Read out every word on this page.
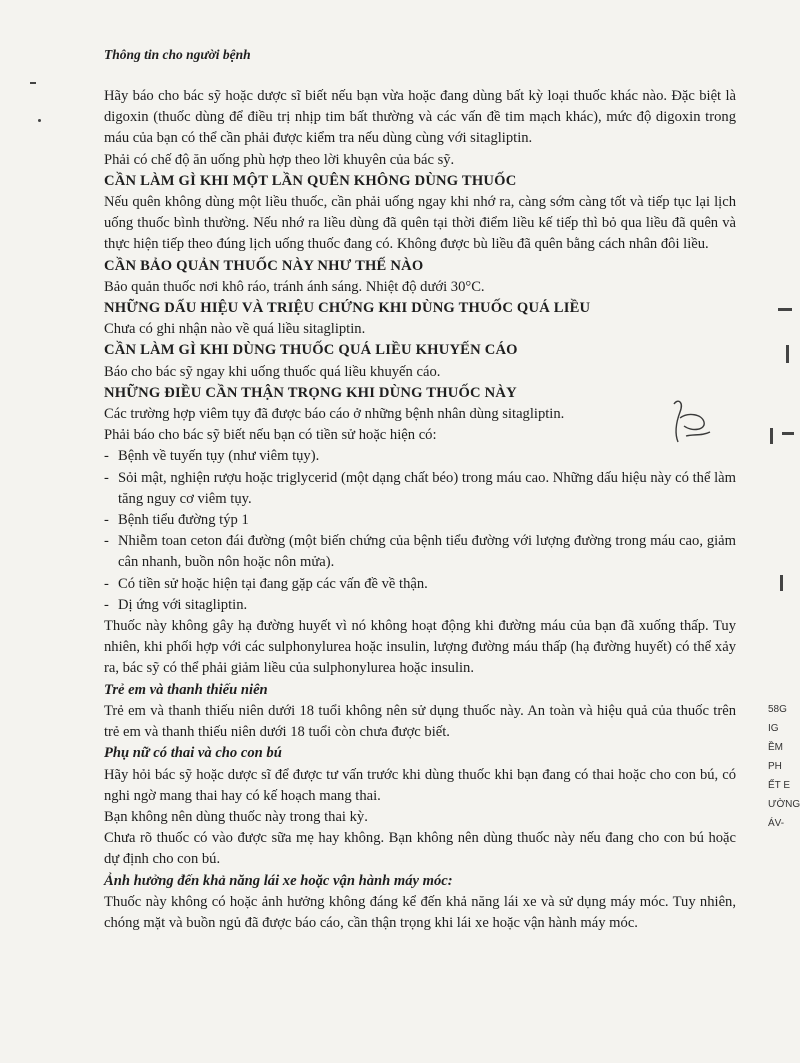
Thông tin cho người bệnh
58G
IG
ỀM
PH
ẾT E
ƯỜNG
ÁV-

Hãy báo cho bác sỹ hoặc dược sĩ biết nếu bạn vừa hoặc đang dùng bất kỳ loại thuốc khác nào. Đặc biệt là digoxin (thuốc dùng để điều trị nhịp tim bất thường và các vấn đề tim mạch khác), mức độ digoxin trong máu của bạn có thể cần phải được kiểm tra nếu dùng cùng với sitagliptin.

Phải có chế độ ăn uống phù hợp theo lời khuyên của bác sỹ.

CẦN LÀM GÌ KHI MỘT LẦN QUÊN KHÔNG DÙNG THUỐC

Nếu quên không dùng một liều thuốc, cần phải uống ngay khi nhớ ra, càng sớm càng tốt và tiếp tục lại lịch uống thuốc bình thường. Nếu nhớ ra liều dùng đã quên tại thời điểm liều kế tiếp thì bỏ qua liều đã quên và thực hiện tiếp theo đúng lịch uống thuốc đang có. Không được bù liều đã quên bằng cách nhân đôi liều.

CẦN BẢO QUẢN THUỐC NÀY NHƯ THẾ NÀO

Bảo quản thuốc nơi khô ráo, tránh ánh sáng. Nhiệt độ dưới 30°C.

NHỮNG DẤU HIỆU VÀ TRIỆU CHỨNG KHI DÙNG THUỐC QUÁ LIỀU

Chưa có ghi nhận nào về quá liều sitagliptin.

CẦN LÀM GÌ KHI DÙNG THUỐC QUÁ LIỀU KHUYẾN CÁO

Báo cho bác sỹ ngay khi uống thuốc quá liều khuyến cáo.

NHỮNG ĐIỀU CẦN THẬN TRỌNG KHI DÙNG THUỐC NÀY

Các trường hợp viêm tụy đã được báo cáo ở những bệnh nhân dùng sitagliptin.

Phải báo cho bác sỹ biết nếu bạn có tiền sử hoặc hiện có:

- Bệnh về tuyến tụy (như viêm tụy).

- Sỏi mật, nghiện rượu hoặc triglycerid (một dạng chất béo) trong máu cao. Những dấu hiệu này có thể làm tăng nguy cơ viêm tụy.

- Bệnh tiểu đường týp 1

- Nhiễm toan ceton đái đường (một biến chứng của bệnh tiểu đường với lượng đường trong máu cao, giảm cân nhanh, buồn nôn hoặc nôn mửa).

- Có tiền sử hoặc hiện tại đang gặp các vấn đề về thận.

- Dị ứng với sitagliptin.

Thuốc này không gây hạ đường huyết vì nó không hoạt động khi đường máu của bạn đã xuống thấp. Tuy nhiên, khi phối hợp với các sulphonylurea hoặc insulin, lượng đường máu thấp (hạ đường huyết) có thể xảy ra, bác sỹ có thể phải giảm liều của sulphonylurea hoặc insulin.

Trẻ em và thanh thiếu niên

Trẻ em và thanh thiếu niên dưới 18 tuổi không nên sử dụng thuốc này. An toàn và hiệu quả của thuốc trên trẻ em và thanh thiếu niên dưới 18 tuổi còn chưa được biết.

Phụ nữ có thai và cho con bú

Hãy hỏi bác sỹ hoặc dược sĩ để được tư vấn trước khi dùng thuốc khi bạn đang có thai hoặc cho con bú, có nghi ngờ mang thai hay có kế hoạch mang thai.

Bạn không nên dùng thuốc này trong thai kỳ.

Chưa rõ thuốc có vào được sữa mẹ hay không. Bạn không nên dùng thuốc này nếu đang cho con bú hoặc dự định cho con bú.

Ảnh hưởng đến khả năng lái xe hoặc vận hành máy móc:

Thuốc này không có hoặc ảnh hưởng không đáng kể đến khả năng lái xe và sử dụng máy móc. Tuy nhiên, chóng mặt và buồn ngủ đã được báo cáo, cần thận trọng khi lái xe hoặc vận hành máy móc.
